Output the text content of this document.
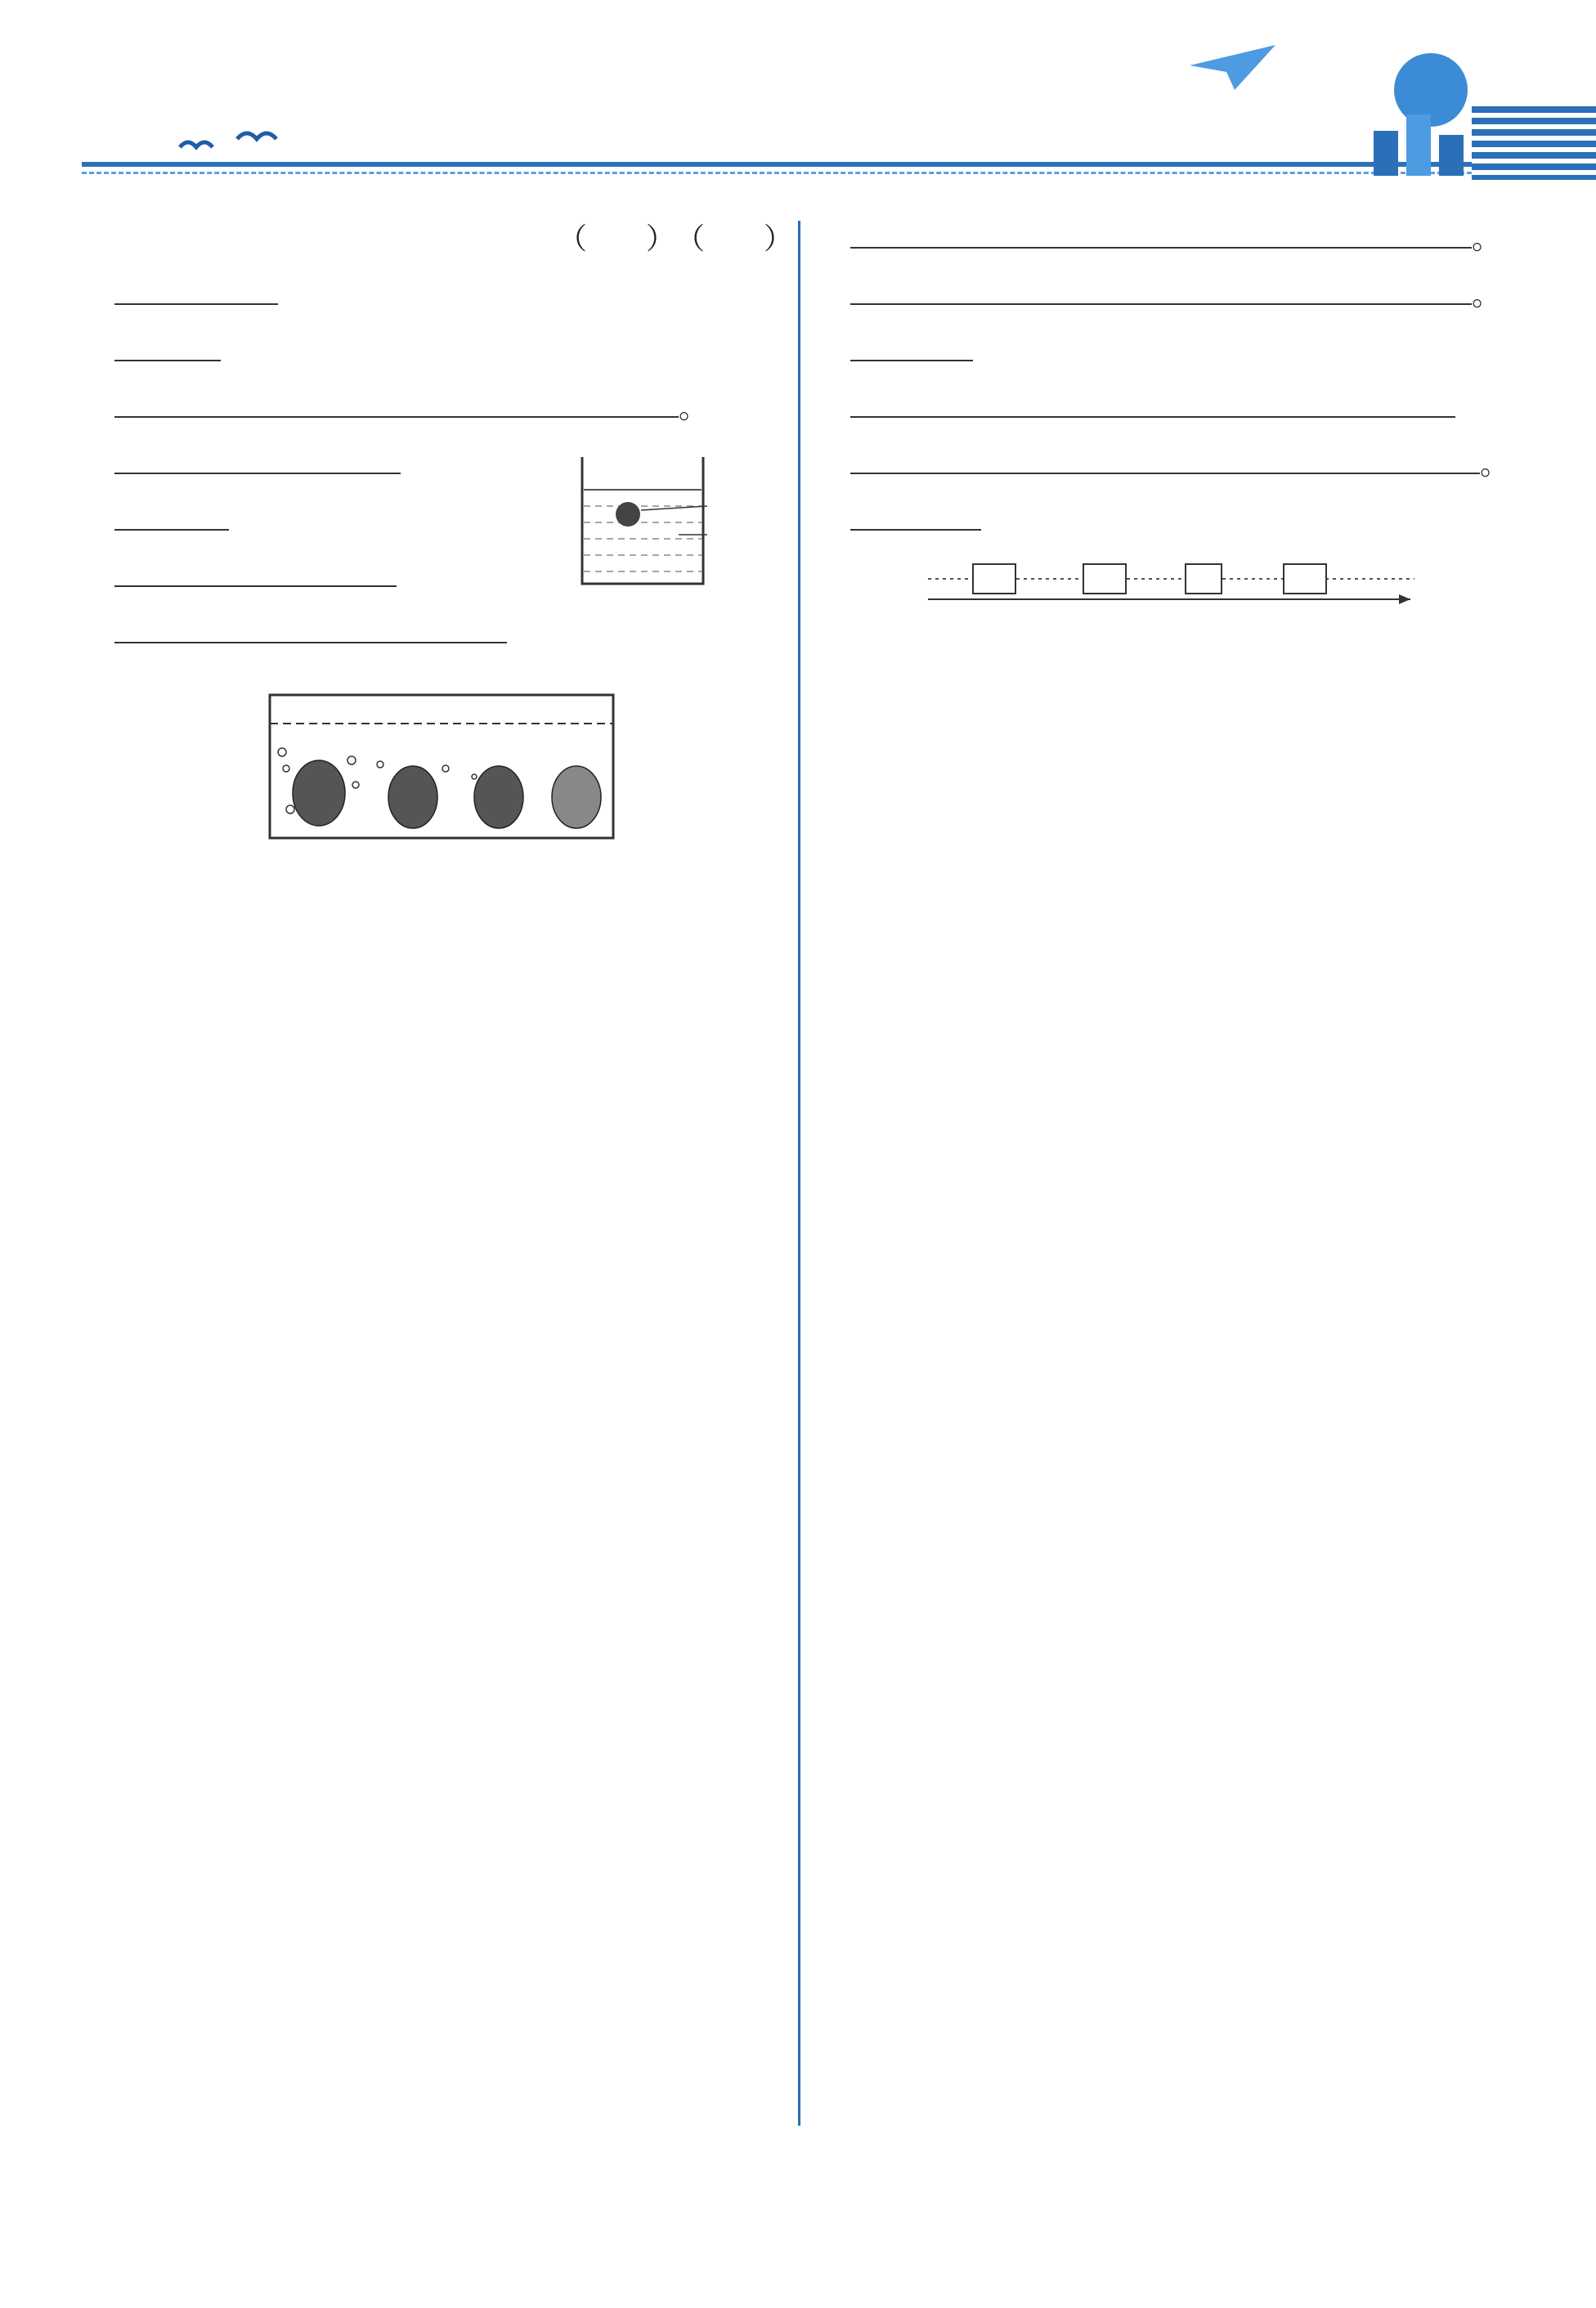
（　　）

（　　）

。

。

。

。
